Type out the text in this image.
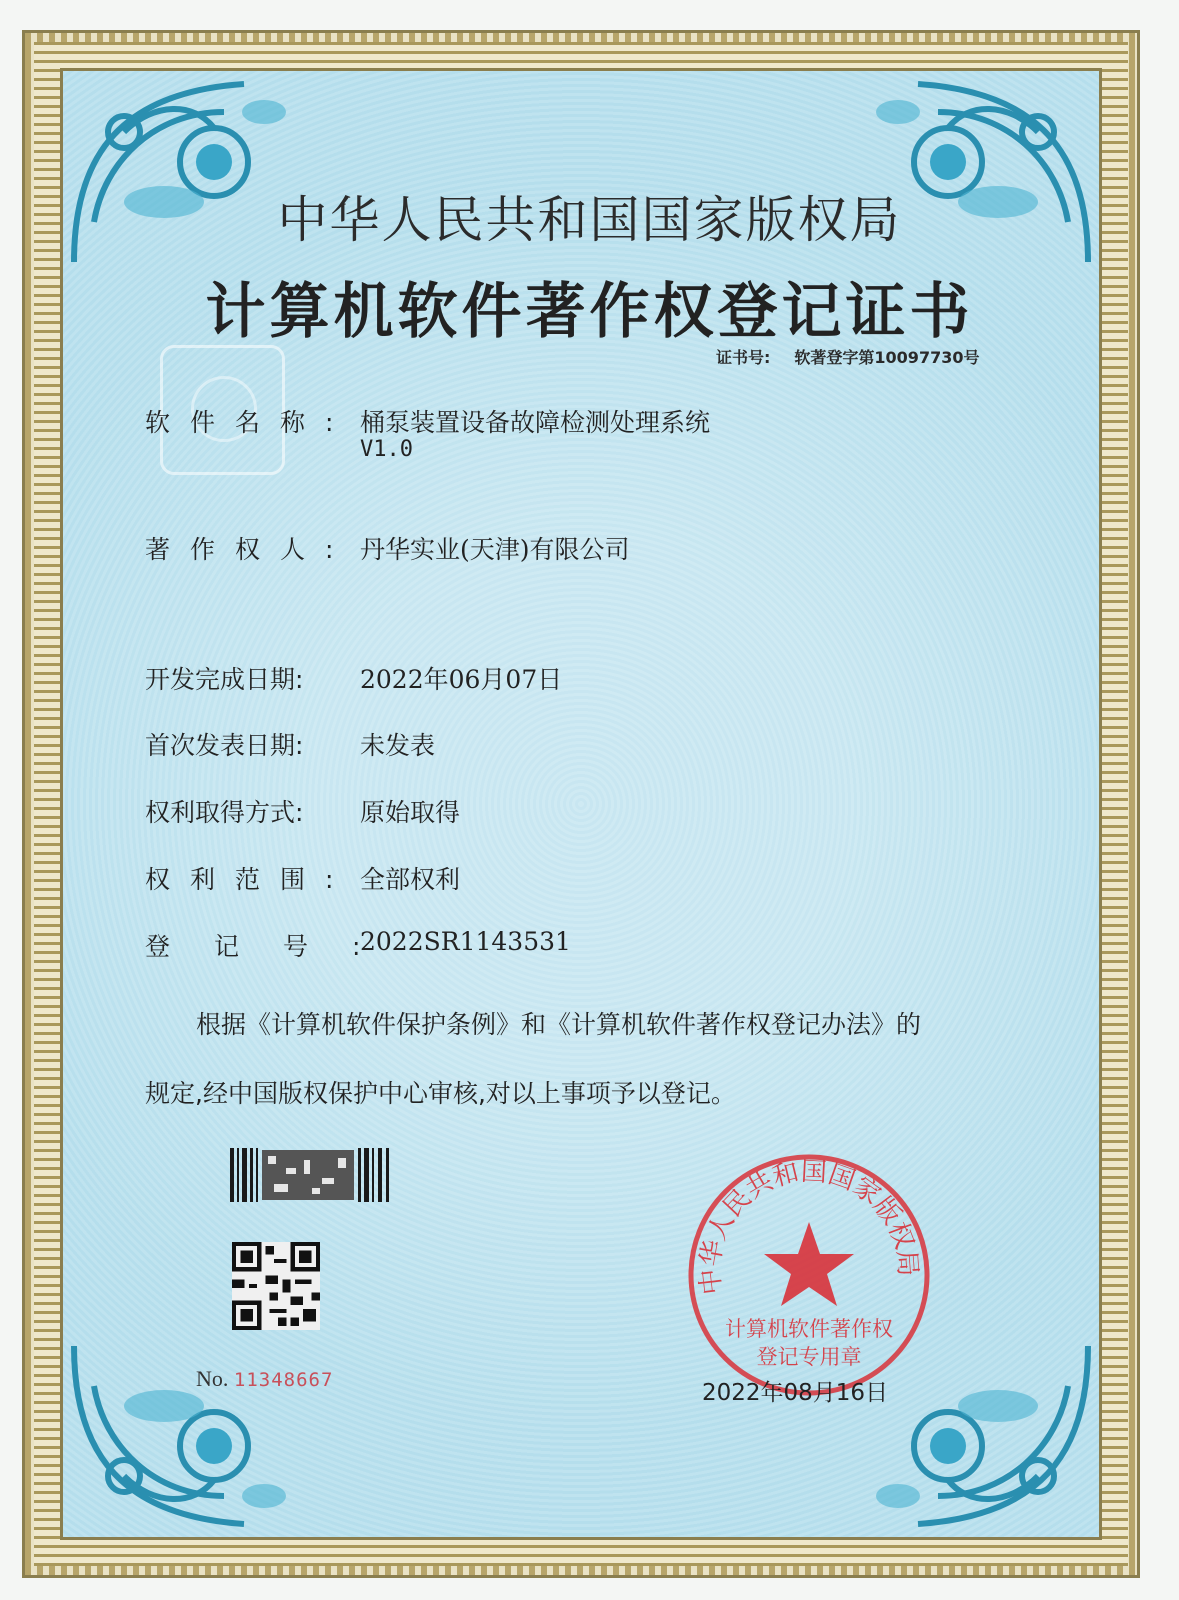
中华人民共和国国家版权局
计算机软件著作权登记证书
证书号: 软著登字第10097730号
软件名称: 桶泵装置设备故障检测处理系统
V1.0
著作权人: 丹华实业(天津)有限公司
开发完成日期: 2022年06月07日
首次发表日期: 未发表
权利取得方式: 原始取得
权利范围: 全部权利
登记号:
2022SR1143531
根据《计算机软件保护条例》和《计算机软件著作权登记办法》的
规定,经中国版权保护中心审核,对以上事项予以登记。
No. 11348667
中华人民共和国国家版权局
计算机软件著作权
登记专用章
2022年08月16日
